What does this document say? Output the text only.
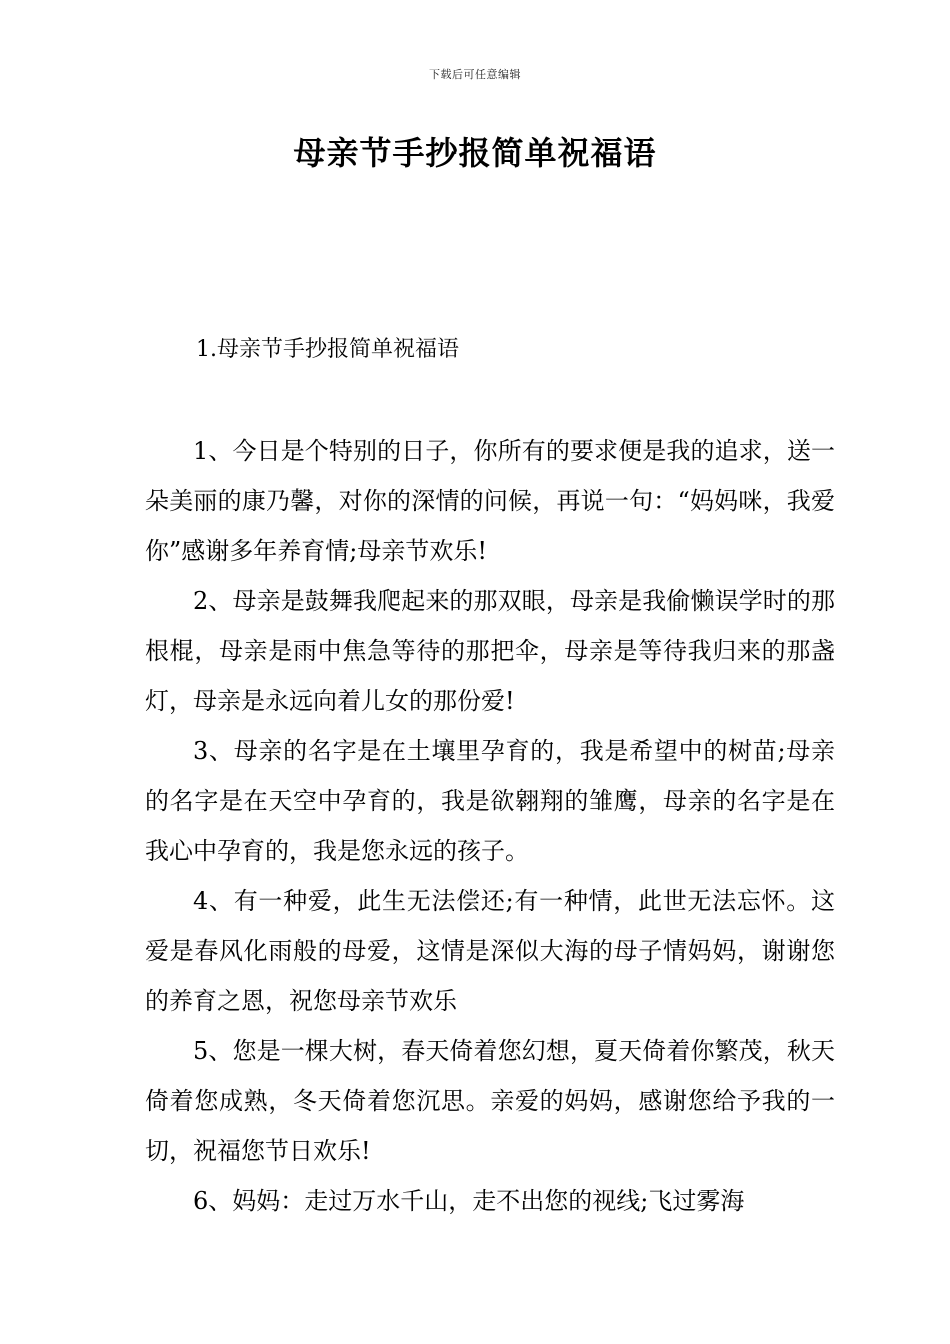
下载后可任意编辑
母亲节手抄报简单祝福语
1.母亲节手抄报简单祝福语

1、今日是个特别的日子，你所有的要求便是我的追求，送一朵美丽的康乃馨，对你的深情的问候，再说一句：“妈妈咪，我爱你”感谢多年养育情;母亲节欢乐!

2、母亲是鼓舞我爬起来的那双眼，母亲是我偷懒误学时的那根棍，母亲是雨中焦急等待的那把伞，母亲是等待我归来的那盏灯，母亲是永远向着儿女的那份爱!

3、母亲的名字是在土壤里孕育的，我是希望中的树苗;母亲的名字是在天空中孕育的，我是欲翱翔的雏鹰，母亲的名字是在我心中孕育的，我是您永远的孩子。

4、有一种爱，此生无法偿还;有一种情，此世无法忘怀。这爱是春风化雨般的母爱，这情是深似大海的母子情妈妈，谢谢您的养育之恩，祝您母亲节欢乐

5、您是一棵大树，春天倚着您幻想，夏天倚着你繁茂，秋天倚着您成熟，冬天倚着您沉思。亲爱的妈妈，感谢您给予我的一切，祝福您节日欢乐!

6、妈妈：走过万水千山，走不出您的视线;飞过雾海
